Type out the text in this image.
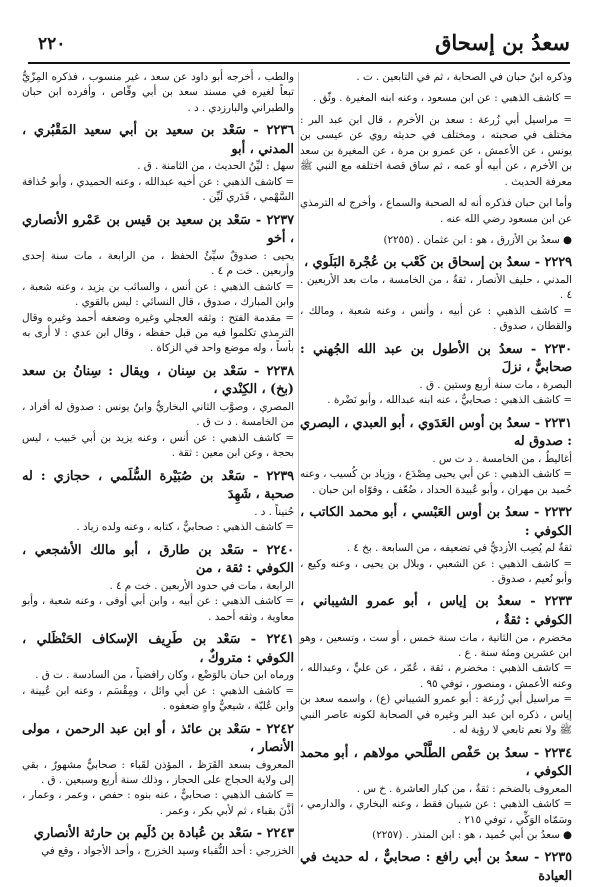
٢٢٠	سعدُ بن إسحاق

وذكره ابنُ حبان في الصحابة ، ثم في التابعين . ت .

= كاشف الذهبي : عن ابن مسعود ، وعنه ابنه المغيرة . وثّق .

= مراسيل أبي زُرعة : سعد بن الأخرم ، قال ابن عبد البر : مختلف في صحبته ، ومختلف في حديثه روي عن عيسى بن يونس ، عن الأعمش ، عن عمرو بن مرة ، عن المغيرة بن سعد بن الأخرم ، عن أبيه أو عمه ، ثم ساق قصة اختلفه مع النبي ﷺ معرفة الحديث .

وأما ابن حبان فذكره أنه له الصحبة والسماع ، وأخرج له الترمذي عن ابن مسعود رضي الله عنه .

● سعدُ بن الأزرق ، هو : ابن عثمان . (٢٢٥٥)

٢٢٢٩ - سعدُ بن إسحاق بن كَعْب بن عُجْرة البَلَوي ،

المدني ، حليف الأنصار ، ثقةٌ ، من الخامسة ، مات بعد الأربعين . ٤ .

= كاشف الذهبي : عن أبيه ، وأنس ، وعنه شعبة ، ومالك ، والقطان ، صدوق .

٢٢٣٠ - سعدُ بن الأطول بن عبد الله الجُهني : صحابيٌّ ، نزلَ

البصرة ، مات سنة أربع وستين . ق .

= كاشف الذهبي : صحابيٌّ ، عنه ابنه عبدالله ، وأبو نَضْرة .

٢٢٣١ - سعدُ بن أوس العَدَوي ، أبو العبدي ، البصري : صدوق له

أغاليطُ ، من الخامسة . د ت س .

= كاشف الذهبي : عن أبي يحيى مِصْدَع ، وزياد بن كُسيب ، وعنه حُميد بن مهران ، وأبو عُبيدة الحداد ، ضُعّف ، وقوّاه ابن حبان .

٢٢٣٢ - سعدُ بن أوس العَبْسي ، أبو محمد الكاتب ، الكوفي :

ثقةٌ لم يُصِب الأزديُّ في تضعيفه ، من السابعة . بخ ٤ .

= كاشف الذهبي : عن الشعبي ، وبلال بن يحيى ، وعنه وكيع ، وأبو نُعيم ، صدوق .

٢٢٣٣ - سعدُ بن إياس ، أبو عمرو الشيباني ، الكوفي : ثقةٌ ،

مخضرم ، من الثانية ، مات سنة خمس ، أو ست ، وتسعين ، وهو ابن عشرين ومئة سنة . ع .

= كاشف الذهبي : مخضرم ، ثقة ، عُمّر ، عن عليٍّ ، وعبدالله ، وعنه الأعمش ، ومنصور ، توفي ٩٥ .

= مراسيل أبي زُرعة : أبو عمرو الشيباني (ع) ، واسمه سعد بن إياس ، ذكره ابن عبد البر وغيره في الصحابة لكونه عاصر النبي ﷺ ولا نعم تابعي لا رؤية له .

٢٢٣٤ - سعدُ بن حَفْص الطَّلْحي مولاهم ، أبو محمد الكوفي ،

المعروف بالضخم : ثقةٌ ، من كبار العاشرة . خ س .

= كاشف الذهبي : عن شيبان فقط ، وعنه البخاري ، والدارمي ، وسَمّاه الوَكِّي ، توفي ٢١٥ .

● سعدُ بن أبي حُميد ، هو : ابن المنذر . (٢٢٥٧)

٢٢٣٥ - سعدُ بن أبي رافع : صحابيٌّ ، له حديث في العيادة

والطب ، أخرجه أبو داود عن سعد ، غير منسوب ، فذكره المِزّيُّ تبعاً لغيره في مسند سعد بن أبي وقّاص ، وأفرده ابن حبان والطبراني والبارزدي . د .

٢٢٣٦ - سَعْد بن سعيد بن أبي سعيد المَقْبُري ، المدني ، أبو

سهل : ليِّنُ الحديث ، من الثامنة . ق .

= كاشف الذهبي : عن أخيه عبدالله ، وعنه الحميدي ، وأبو حُذافة السَّهْمي ، قَدَري لَيِّن .

٢٢٣٧ - سَعْد بن سعيد بن قيس بن عَمْرو الأنصاري ، أخو

يحيى : صدوقٌ سيِّئُ الحفظ ، من الرابعة ، مات سنة إحدى وأربعين . خت م ٤ .

= كاشف الذهبي : عن أنس ، والسائب بن يزيد ، وعنه شعبة ، وابن المبارك ، صدوق ، قال النسائي : ليس بالقوي .

= مقدمة الفتح : وثقه العجلي وغيره وضعفه أحمد وغيره وقال الترمذي تكلموا فيه من قبل حفظه ، وقال ابن عدي : لا أرى به بأساً ، وله موضع واحد في الزكاة .

٢٢٣٨ - سَعْد بن سِنان ، ويقال : سِنانُ بن سعد (بخ) ، الكِنْدي ،

المصري ، وصوَّب الثاني البخاريُّ وابنُ يونس : صدوق له أفراد ، من الخامسة . د ت ق .

= كاشف الذهبي : عن أنس ، وعنه يزيد بن أبي حَبيب ، ليس بحجة ، وعن ابن معين : ثقة .

٢٢٣٩ - سَعْد بن صُبَيْرة السُّلَمي ، حجازي : له صحبة ، شَهِدَ

حُنيناً . د .

= كاشف الذهبي : صحابيٌّ ، كتابه ، وعنه ولده زياد .

٢٢٤٠ - سَعْد بن طارق ، أبو مالك الأشجعي ، الكوفي : ثقة ، من

الرابعة ، مات في حدود الأربعين . خت م ٤ .

= كاشف الذهبي : عن أبيه ، وابن أبي أوفى ، وعنه شعبة ، وأبو معاوية ، وثقه أحمد .

٢٢٤١ - سَعْد بن طَرِيف الإسكاف الحَنْظَلي ، الكوفي : متروكٌ ،

ورماه ابن حبان بالوَضْع ، وكان رافضياً ، من السادسة . ت ق .

= كاشف الذهبي : عن أبي وائل ، ومِقْسَم ، وعنه ابن عُيينة ، وابن عُليّة ، شيعيٌّ واهٍ ضعفوه .

٢٢٤٢ - سَعْد بن عائذ ، أو ابن عبد الرحمن ، مولى الأنصار ،

المعروف بسعد القَرَظ ، المؤذن لقَباء : صحابيٌّ مشهورٌ ، بقي إلى ولاية الحجاج على الحجاز ، وذلك سنة أربع وسبعين . ق .

= كاشف الذهبي : صحابيٌّ ، عنه بنوه : حفص ، وعمر ، وعمار ، أذَّنَ بقباء ، ثم لأبي بكر ، وعمر .

٢٢٤٣ - سَعْد بن عُبادة بن دُلَيم بن حارثة الأنصاري

الخزرجي : أحد النُّقباء وسيد الخزرج ، وأحد الأجواد ، وقع في
